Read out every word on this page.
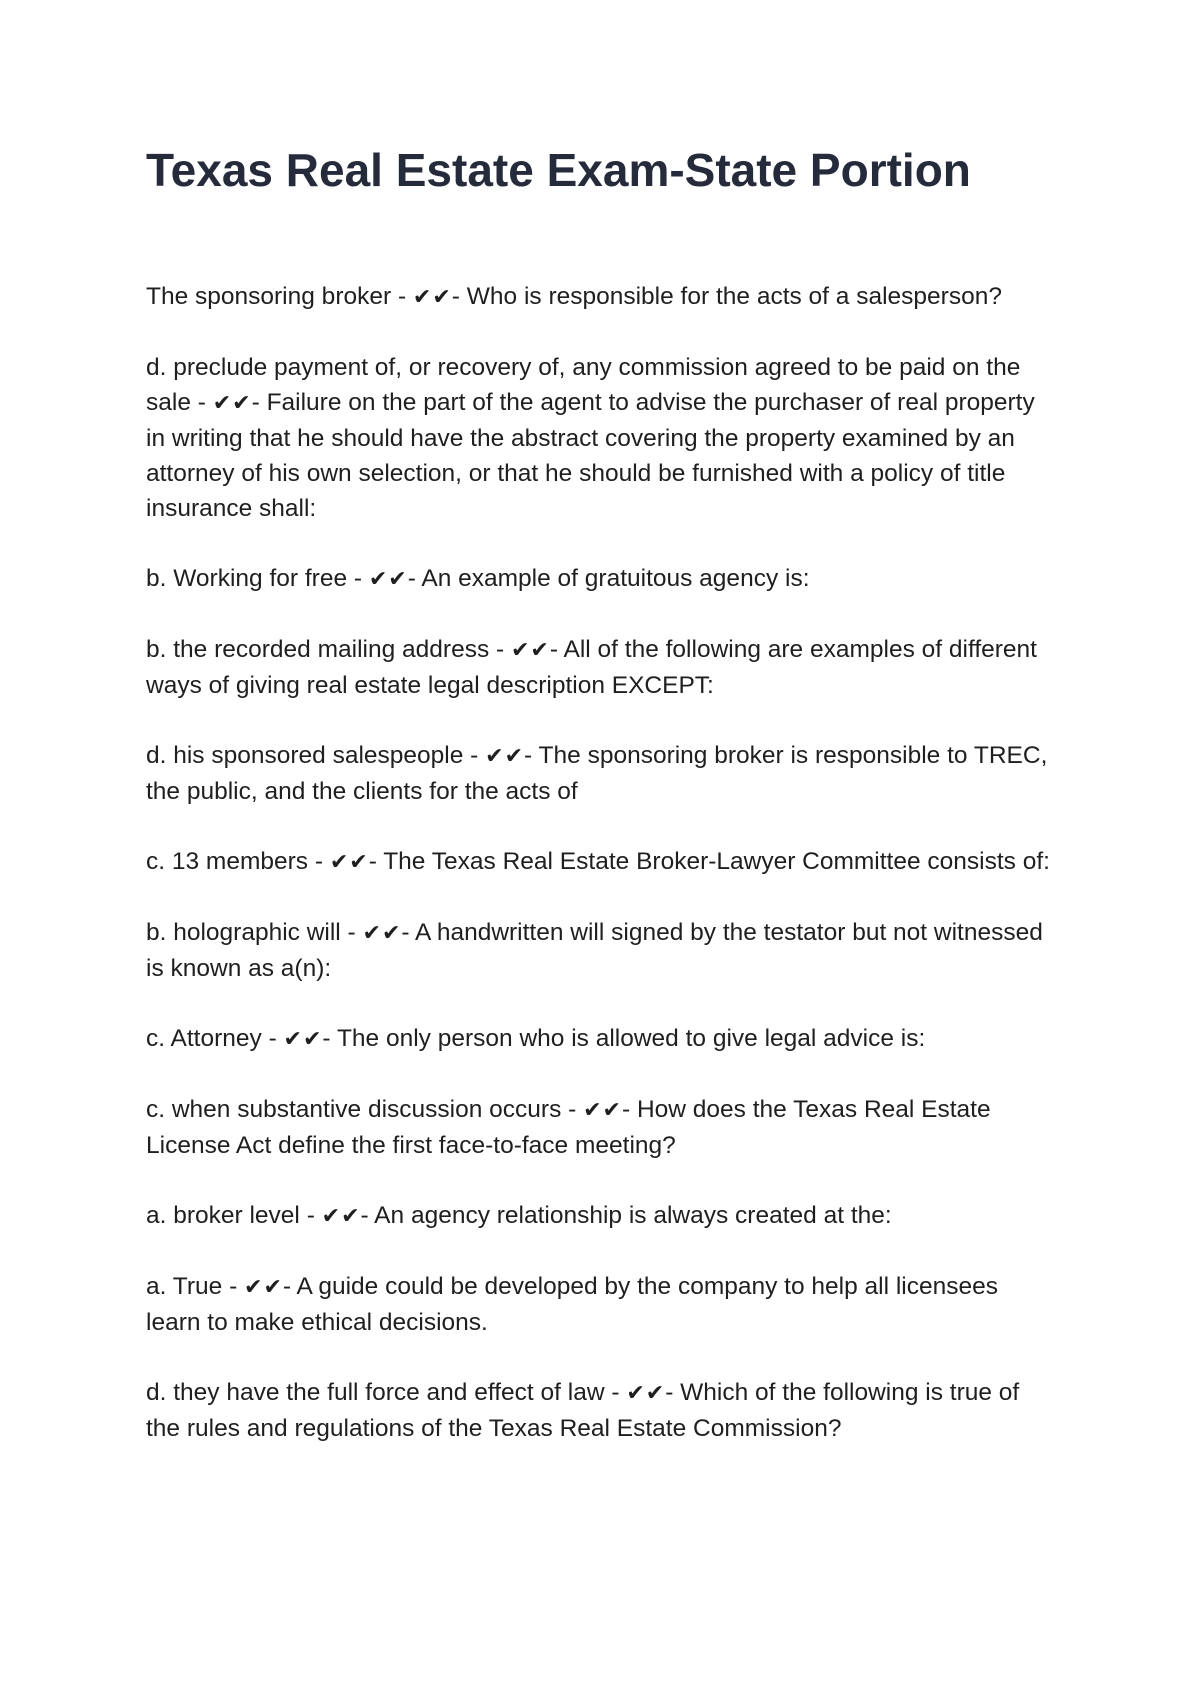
Texas Real Estate Exam-State Portion

The sponsoring broker - ✔✔- Who is responsible for the acts of a salesperson?

d. preclude payment of, or recovery of, any commission agreed to be paid on the sale - ✔✔- Failure on the part of the agent to advise the purchaser of real property in writing that he should have the abstract covering the property examined by an attorney of his own selection, or that he should be furnished with a policy of title insurance shall:

b. Working for free - ✔✔- An example of gratuitous agency is:

b. the recorded mailing address - ✔✔- All of the following are examples of different ways of giving real estate legal description EXCEPT:

d. his sponsored salespeople - ✔✔- The sponsoring broker is responsible to TREC, the public, and the clients for the acts of

c. 13 members - ✔✔- The Texas Real Estate Broker-Lawyer Committee consists of:

b. holographic will - ✔✔- A handwritten will signed by the testator but not witnessed is known as a(n):

c. Attorney - ✔✔- The only person who is allowed to give legal advice is:

c. when substantive discussion occurs - ✔✔- How does the Texas Real Estate License Act define the first face-to-face meeting?

a. broker level - ✔✔- An agency relationship is always created at the:

a. True - ✔✔- A guide could be developed by the company to help all licensees learn to make ethical decisions.

d. they have the full force and effect of law - ✔✔- Which of the following is true of the rules and regulations of the Texas Real Estate Commission?
